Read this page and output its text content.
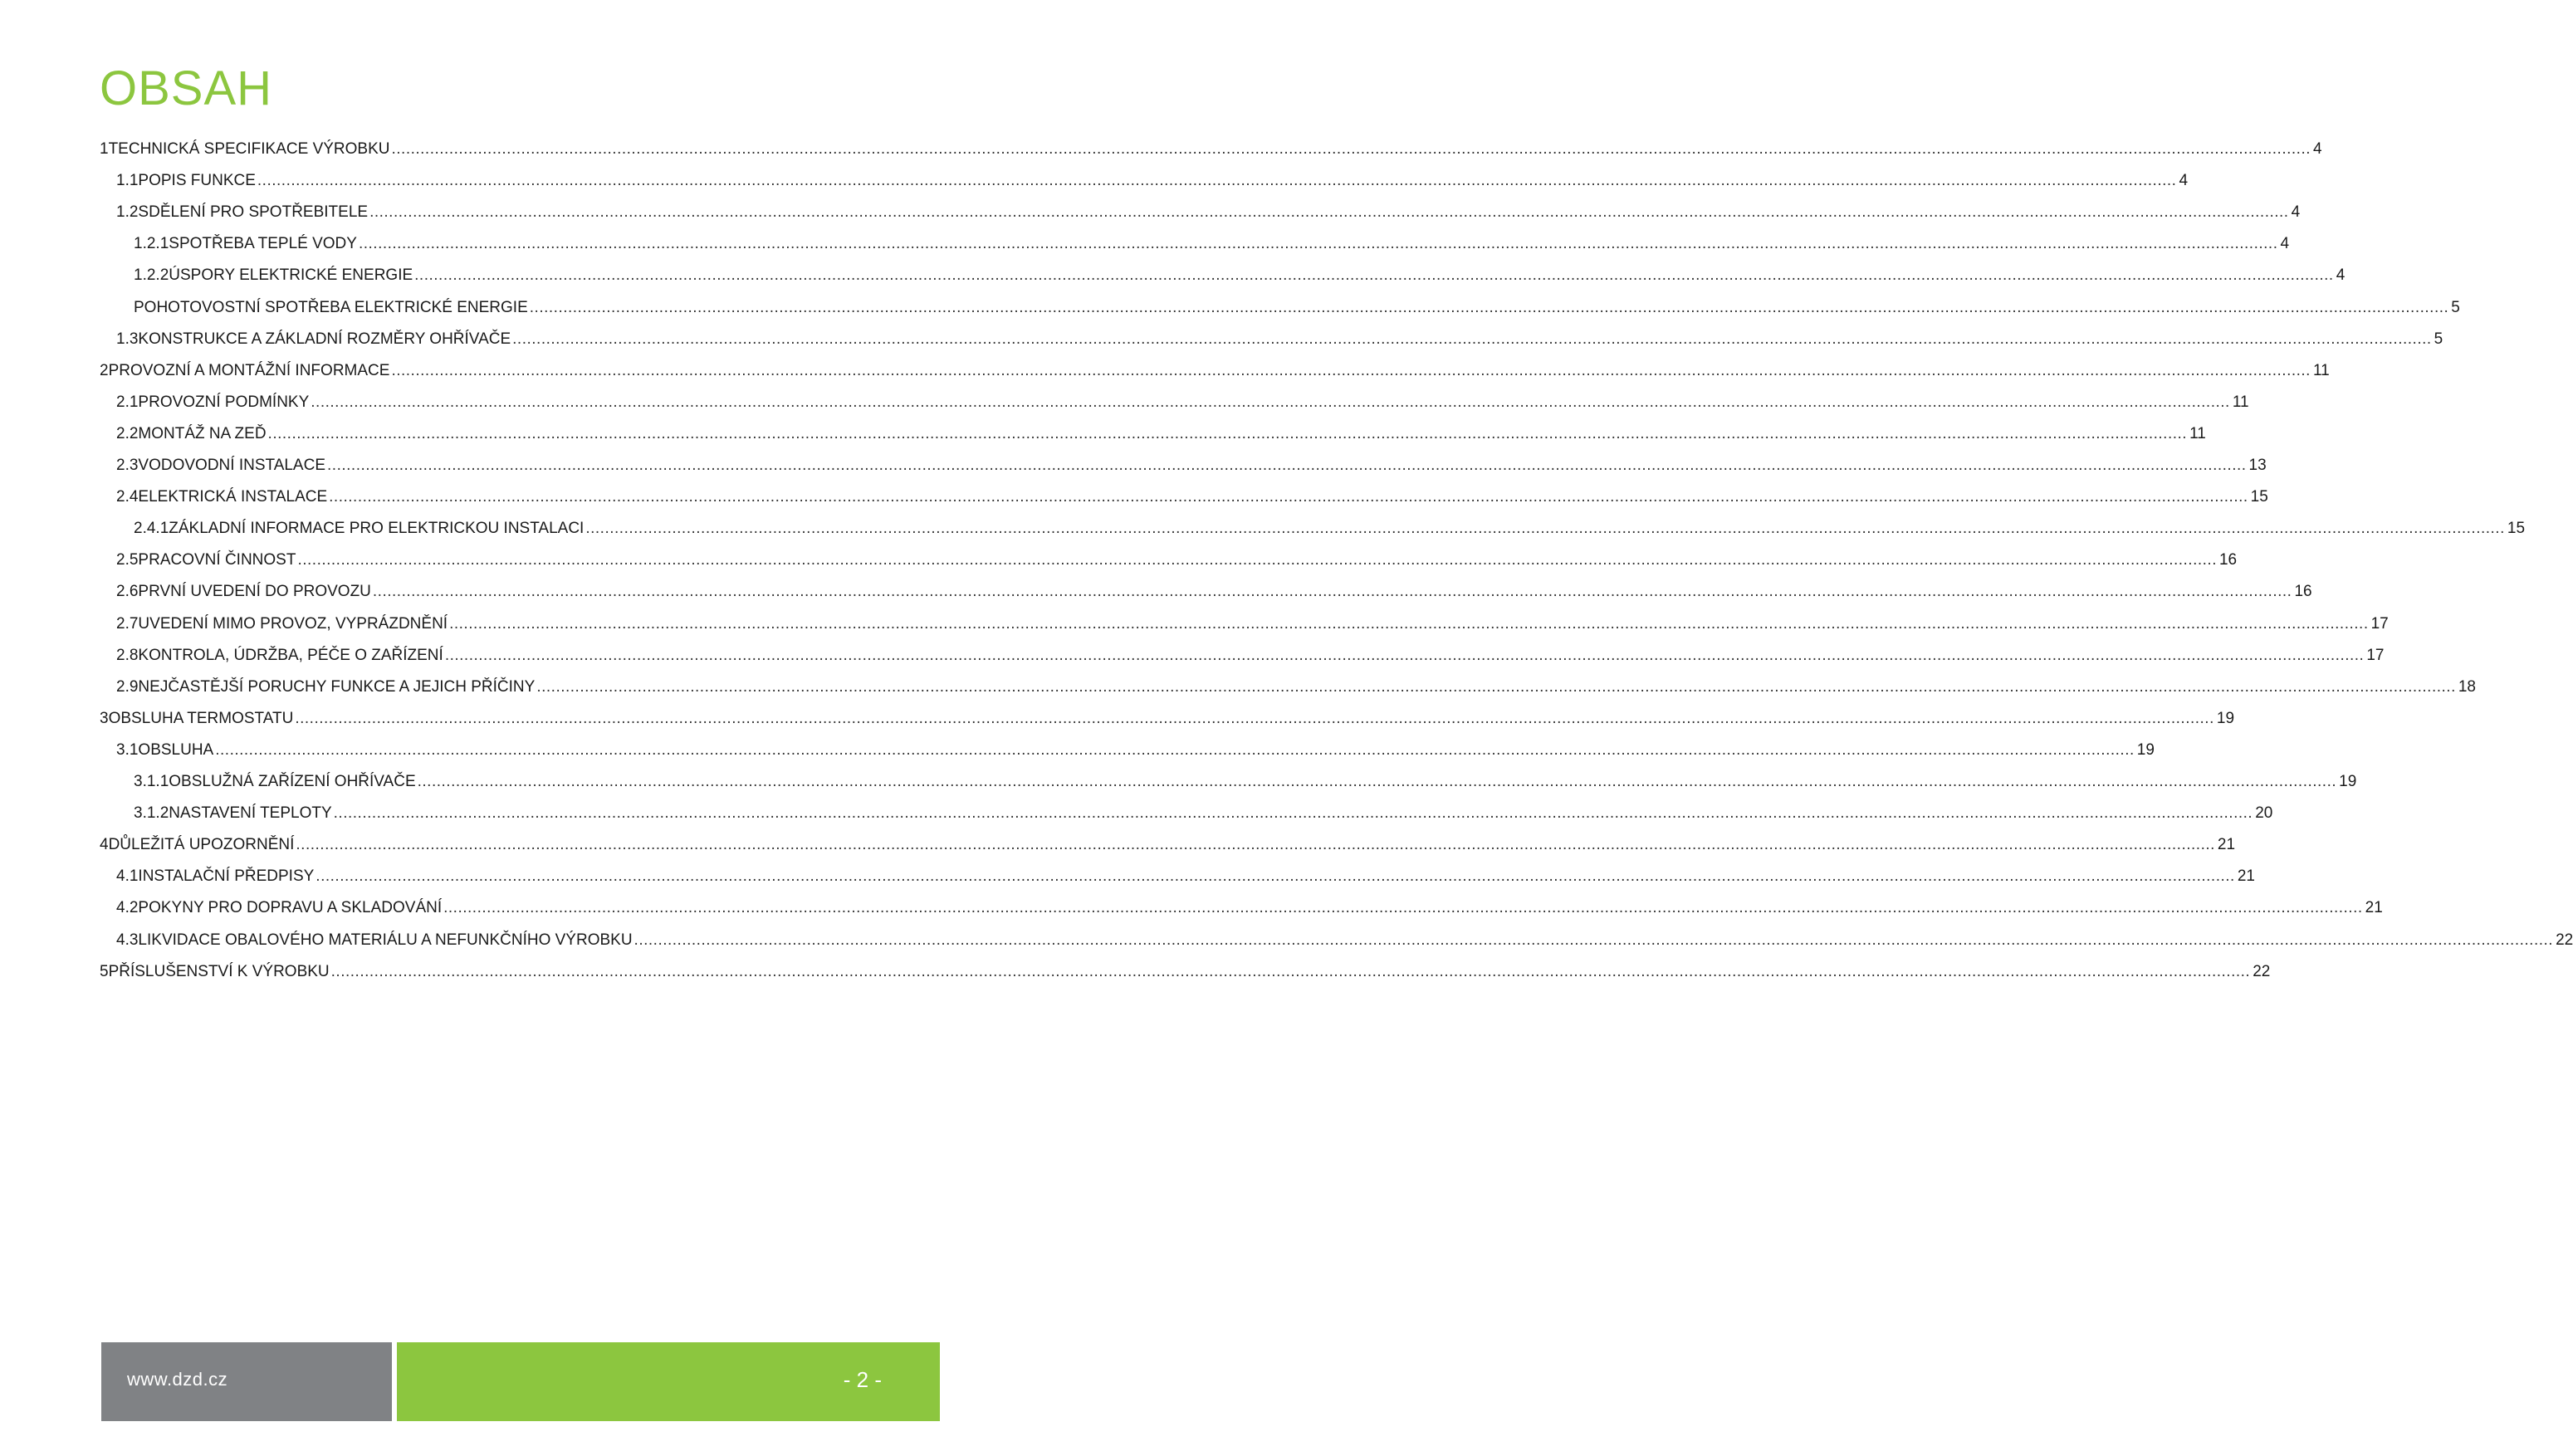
OBSAH
1 TECHNICKÁ SPECIFIKACE VÝROBKU ................................................................................................................................................................................................................................................................................................................................................................................................................ 4
1.1 POPIS FUNKCE ................................................................................................................................................................................................................................................................................................................................................................................................................ 4
1.2 SDĚLENÍ PRO SPOTŘEBITELE ................................................................................................................................................................................................................................................................................................................................................................................................................ 4
1.2.1 SPOTŘEBA TEPLÉ VODY ................................................................................................................................................................................................................................................................................................................................................................................................................ 4
1.2.2 ÚSPORY ELEKTRICKÉ ENERGIE ................................................................................................................................................................................................................................................................................................................................................................................................................ 4
POHOTOVOSTNÍ SPOTŘEBA ELEKTRICKÉ ENERGIE ................................................................................................................................................................................................................................................................................................................................................................................................................ 5
1.3 KONSTRUKCE A ZÁKLADNÍ ROZMĚRY OHŘÍVAČE ................................................................................................................................................................................................................................................................................................................................................................................................................ 5
2 PROVOZNÍ A MONTÁŽNÍ INFORMACE ................................................................................................................................................................................................................................................................................................................................................................................................................ 11
2.1 PROVOZNÍ PODMÍNKY ................................................................................................................................................................................................................................................................................................................................................................................................................ 11
2.2 MONTÁŽ NA ZEĎ ................................................................................................................................................................................................................................................................................................................................................................................................................ 11
2.3 VODOVODNÍ INSTALACE ................................................................................................................................................................................................................................................................................................................................................................................................................ 13
2.4 ELEKTRICKÁ INSTALACE ................................................................................................................................................................................................................................................................................................................................................................................................................ 15
2.4.1 ZÁKLADNÍ INFORMACE PRO ELEKTRICKOU INSTALACI ................................................................................................................................................................................................................................................................................................................................................................................................................ 15
2.5 PRACOVNÍ ČINNOST ................................................................................................................................................................................................................................................................................................................................................................................................................ 16
2.6 PRVNÍ UVEDENÍ DO PROVOZU ................................................................................................................................................................................................................................................................................................................................................................................................................ 16
2.7 UVEDENÍ MIMO PROVOZ, VYPRÁZDNĚNÍ ................................................................................................................................................................................................................................................................................................................................................................................................................ 17
2.8 KONTROLA, ÚDRŽBA, PÉČE O ZAŘÍZENÍ ................................................................................................................................................................................................................................................................................................................................................................................................................ 17
2.9 NEJČASTĚJŠÍ PORUCHY FUNKCE A JEJICH PŘÍČINY ................................................................................................................................................................................................................................................................................................................................................................................................................ 18
3 OBSLUHA TERMOSTATU ................................................................................................................................................................................................................................................................................................................................................................................................................ 19
3.1 OBSLUHA ................................................................................................................................................................................................................................................................................................................................................................................................................ 19
3.1.1 OBSLUŽNÁ ZAŘÍZENÍ OHŘÍVAČE ................................................................................................................................................................................................................................................................................................................................................................................................................ 19
3.1.2 NASTAVENÍ TEPLOTY ................................................................................................................................................................................................................................................................................................................................................................................................................ 20
4 DŮLEŽITÁ UPOZORNĚNÍ ................................................................................................................................................................................................................................................................................................................................................................................................................ 21
4.1 INSTALAČNÍ PŘEDPISY ................................................................................................................................................................................................................................................................................................................................................................................................................ 21
4.2 POKYNY PRO DOPRAVU A SKLADOVÁNÍ ................................................................................................................................................................................................................................................................................................................................................................................................................ 21
4.3 LIKVIDACE OBALOVÉHO MATERIÁLU A NEFUNKČNÍHO VÝROBKU ................................................................................................................................................................................................................................................................................................................................................................................................................ 22
5 PŘÍSLUŠENSTVÍ K VÝROBKU ................................................................................................................................................................................................................................................................................................................................................................................................................ 22
www.dzd.cz	- 2 -
